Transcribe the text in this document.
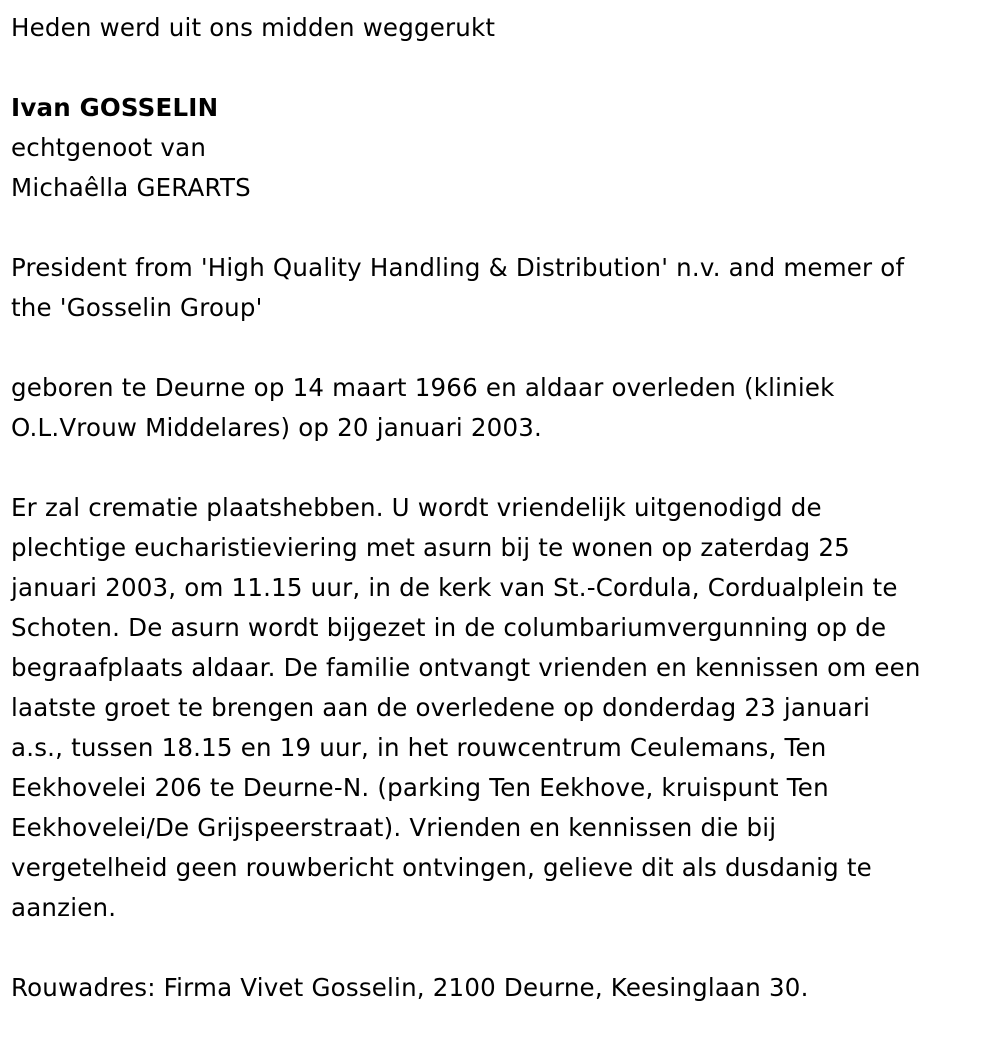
Heden werd uit ons midden weggerukt

Ivan GOSSELIN

echtgenoot van

Michaêlla GERARTS

President from 'High Quality Handling & Distribution' n.v. and memer of

the 'Gosselin Group'

geboren te Deurne op 14 maart 1966 en aldaar overleden (kliniek

O.L.Vrouw Middelares) op 20 januari 2003.

Er zal crematie plaatshebben. U wordt vriendelijk uitgenodigd de

plechtige eucharistieviering met asurn bij te wonen op zaterdag 25

januari 2003, om 11.15 uur, in de kerk van St.-Cordula, Cordualplein te

Schoten. De asurn wordt bijgezet in de columbariumvergunning op de

begraafplaats aldaar. De familie ontvangt vrienden en kennissen om een

laatste groet te brengen aan de overledene op donderdag 23 januari

a.s., tussen 18.15 en 19 uur, in het rouwcentrum Ceulemans, Ten

Eekhovelei 206 te Deurne-N. (parking Ten Eekhove, kruispunt Ten

Eekhovelei/De Grijspeerstraat). Vrienden en kennissen die bij

vergetelheid geen rouwbericht ontvingen, gelieve dit als dusdanig te

aanzien.

Rouwadres: Firma Vivet Gosselin, 2100 Deurne, Keesinglaan 30.
